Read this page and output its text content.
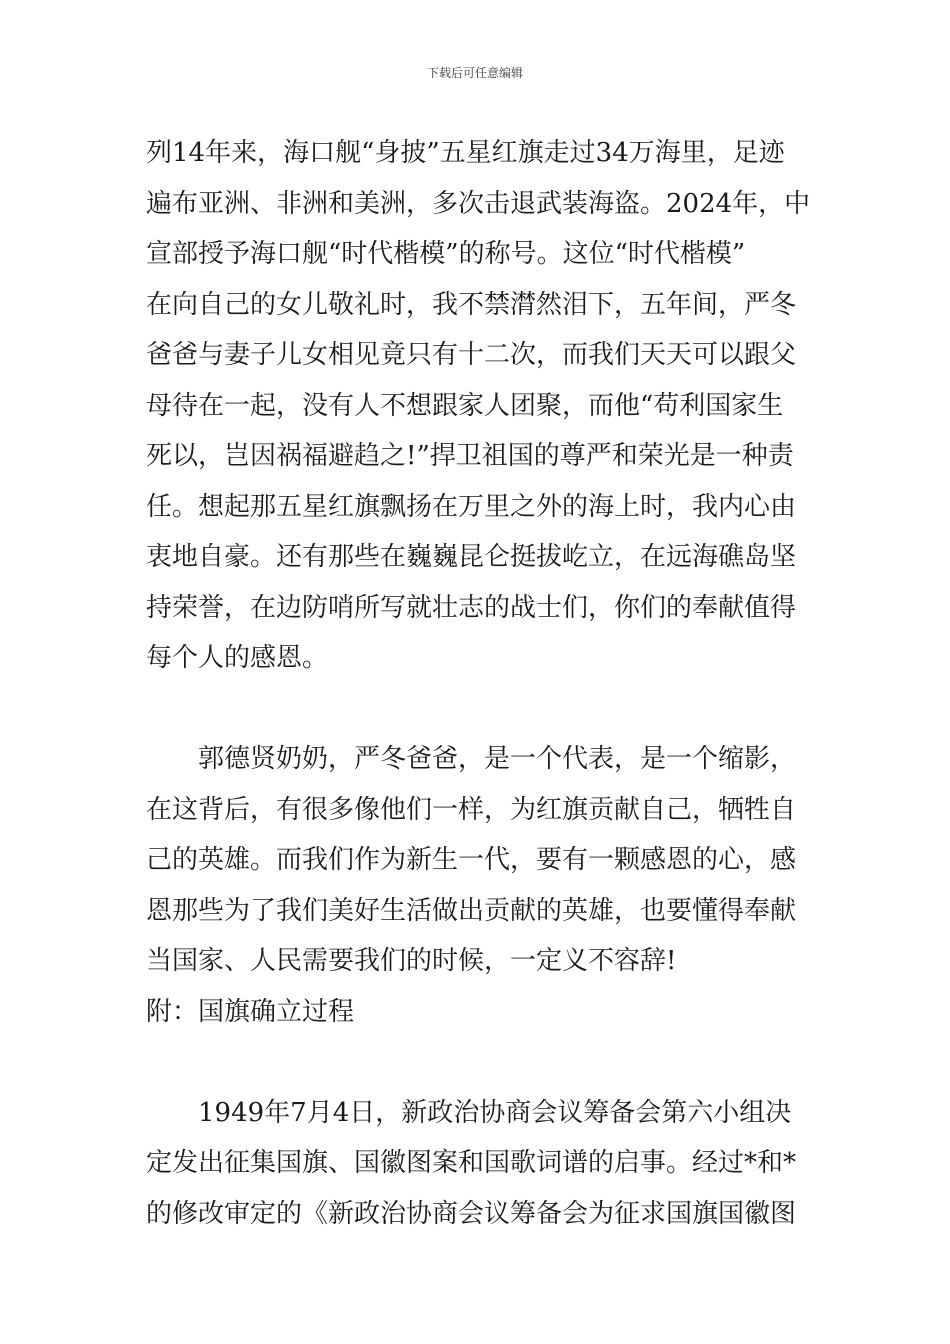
下载后可任意编辑
列14年来，海口舰“身披”五星红旗走过34万海里，足迹
遍布亚洲、非洲和美洲，多次击退武装海盗。2024年，中
宣部授予海口舰“时代楷模”的称号。这位“时代楷模”
在向自己的女儿敬礼时，我不禁潸然泪下，五年间，严冬
爸爸与妻子儿女相见竟只有十二次，而我们天天可以跟父
母待在一起，没有人不想跟家人团聚，而他“苟利国家生
死以，岂因祸福避趋之!”捍卫祖国的尊严和荣光是一种责
任。想起那五星红旗飘扬在万里之外的海上时，我内心由
衷地自豪。还有那些在巍巍昆仑挺拔屹立，在远海礁岛坚
持荣誉，在边防哨所写就壮志的战士们，你们的奉献值得
每个人的感恩。
　　郭德贤奶奶，严冬爸爸，是一个代表，是一个缩影，
在这背后，有很多像他们一样，为红旗贡献自己，牺牲自
己的英雄。而我们作为新生一代，要有一颗感恩的心，感
恩那些为了我们美好生活做出贡献的英雄，也要懂得奉献
当国家、人民需要我们的时候，一定义不容辞!
附：国旗确立过程
　　1949年7月4日，新政治协商会议筹备会第六小组决
定发出征集国旗、国徽图案和国歌词谱的启事。经过*和*
的修改审定的《新政治协商会议筹备会为征求国旗国徽图
